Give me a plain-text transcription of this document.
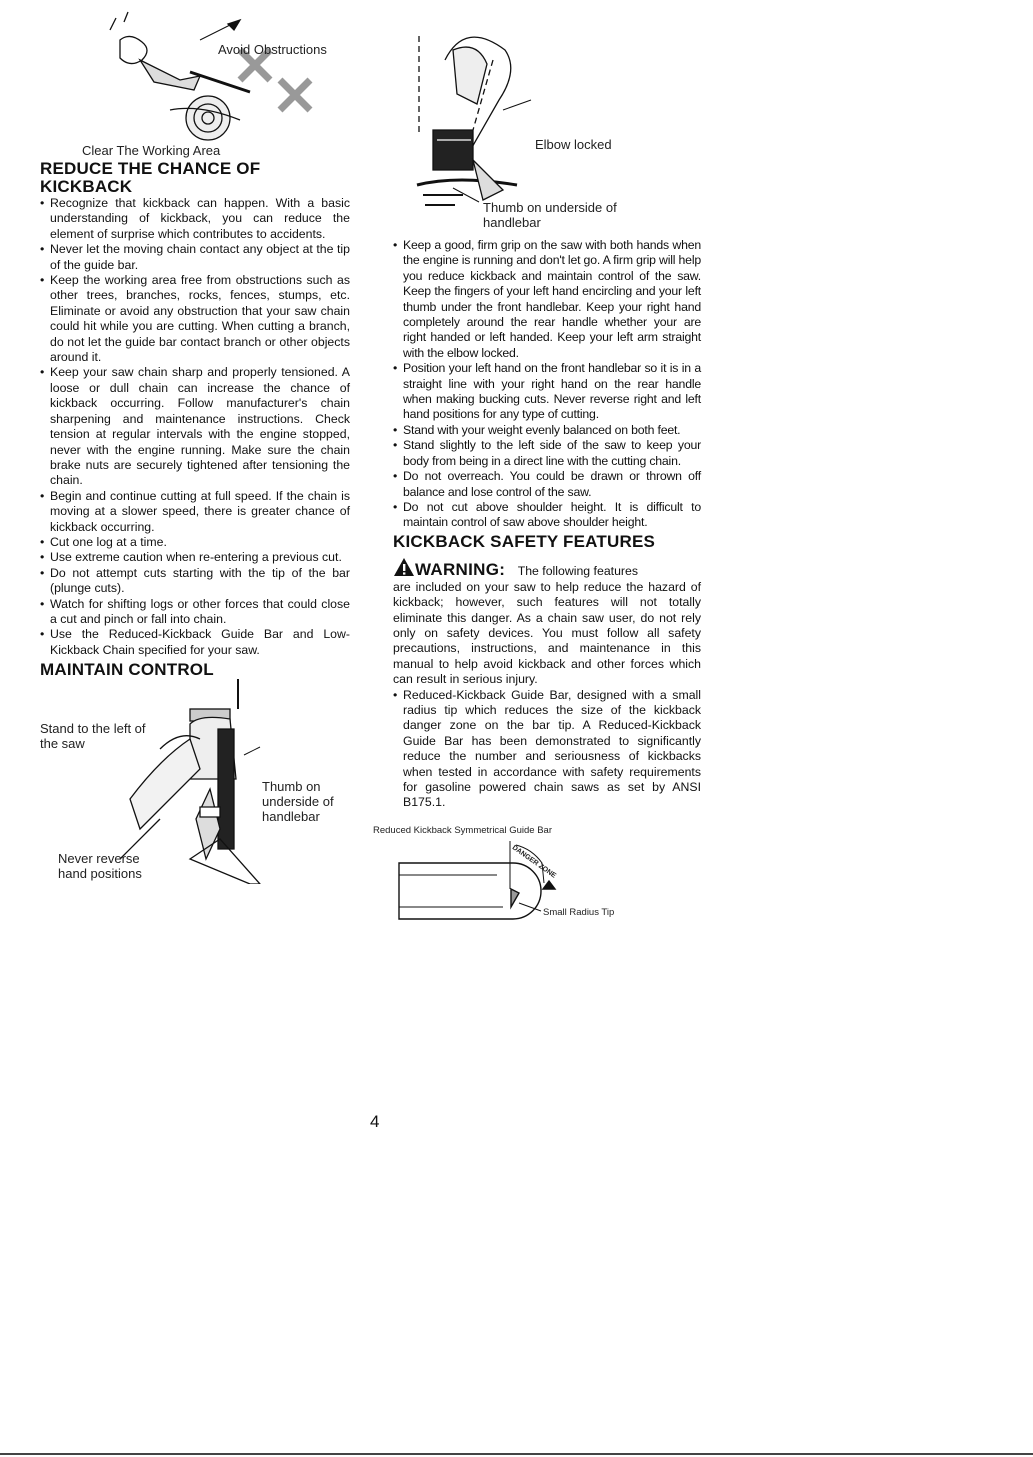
Avoid Obstructions
Clear The Working Area
REDUCE THE CHANCE OF
KICKBACK
• Recognize that kickback can happen. With a basic understanding of kickback, you can reduce the element of surprise which contributes to accidents.
• Never let the moving chain contact any object at the tip of the guide bar.
• Keep the working area free from obstructions such as other trees, branches, rocks, fences, stumps, etc. Eliminate or avoid any obstruction that your saw chain could hit while you are cutting. When cutting a branch, do not let the guide bar contact branch or other objects around it.
• Keep your saw chain sharp and properly tensioned. A loose or dull chain can increase the chance of kickback occurring. Follow manufacturer's chain sharpening and maintenance instructions. Check tension at regular intervals with the engine stopped, never with the engine running. Make sure the chain brake nuts are securely tightened after tensioning the chain.
• Begin and continue cutting at full speed. If the chain is moving at a slower speed, there is greater chance of kickback occurring.
• Cut one log at a time.
• Use extreme caution when re-entering a previous cut.
• Do not attempt cuts starting with the tip of the bar (plunge cuts).
• Watch for shifting logs or other forces that could close a cut and pinch or fall into chain.
• Use the Reduced-Kickback Guide Bar and Low-Kickback Chain specified for your saw.
MAINTAIN CONTROL
Stand to the left of the saw
Thumb on underside of handlebar
Never reverse hand positions
Elbow locked
Thumb on underside of handlebar
• Keep a good, firm grip on the saw with both hands when the engine is running and don't let go. A firm grip will help you reduce kickback and maintain control of the saw. Keep the fingers of your left hand encircling and your left thumb under the front handlebar. Keep your right hand completely around the rear handle whether your are right handed or left handed. Keep your left arm straight with the elbow locked.
• Position your left hand on the front handlebar so it is in a straight line with your right hand on the rear handle when making bucking cuts. Never reverse right and left hand positions for any type of cutting.
• Stand with your weight evenly balanced on both feet.
• Stand slightly to the left side of the saw to keep your body from being in a direct line with the cutting chain.
• Do not overreach. You could be drawn or thrown off balance and lose control of the saw.
• Do not cut above shoulder height. It is difficult to maintain control of saw above shoulder height.
KICKBACK SAFETY FEATURES
WARNING: The following features

are included on your saw to help reduce the hazard of kickback; however, such features will not totally eliminate this danger. As a chain saw user, do not rely only on safety devices. You must follow all safety precautions, instructions, and maintenance in this manual to help avoid kickback and other forces which can result in serious injury.

• Reduced-Kickback Guide Bar, designed with a small radius tip which reduces the size of the kickback danger zone on the bar tip. A Reduced-Kickback Guide Bar has been demonstrated to significantly reduce the number and seriousness of kickbacks when tested in accordance with safety requirements for gasoline powered chain saws as set by ANSI B175.1.
Reduced Kickback Symmetrical Guide Bar
DANGER ZONE
Small Radius Tip
4
